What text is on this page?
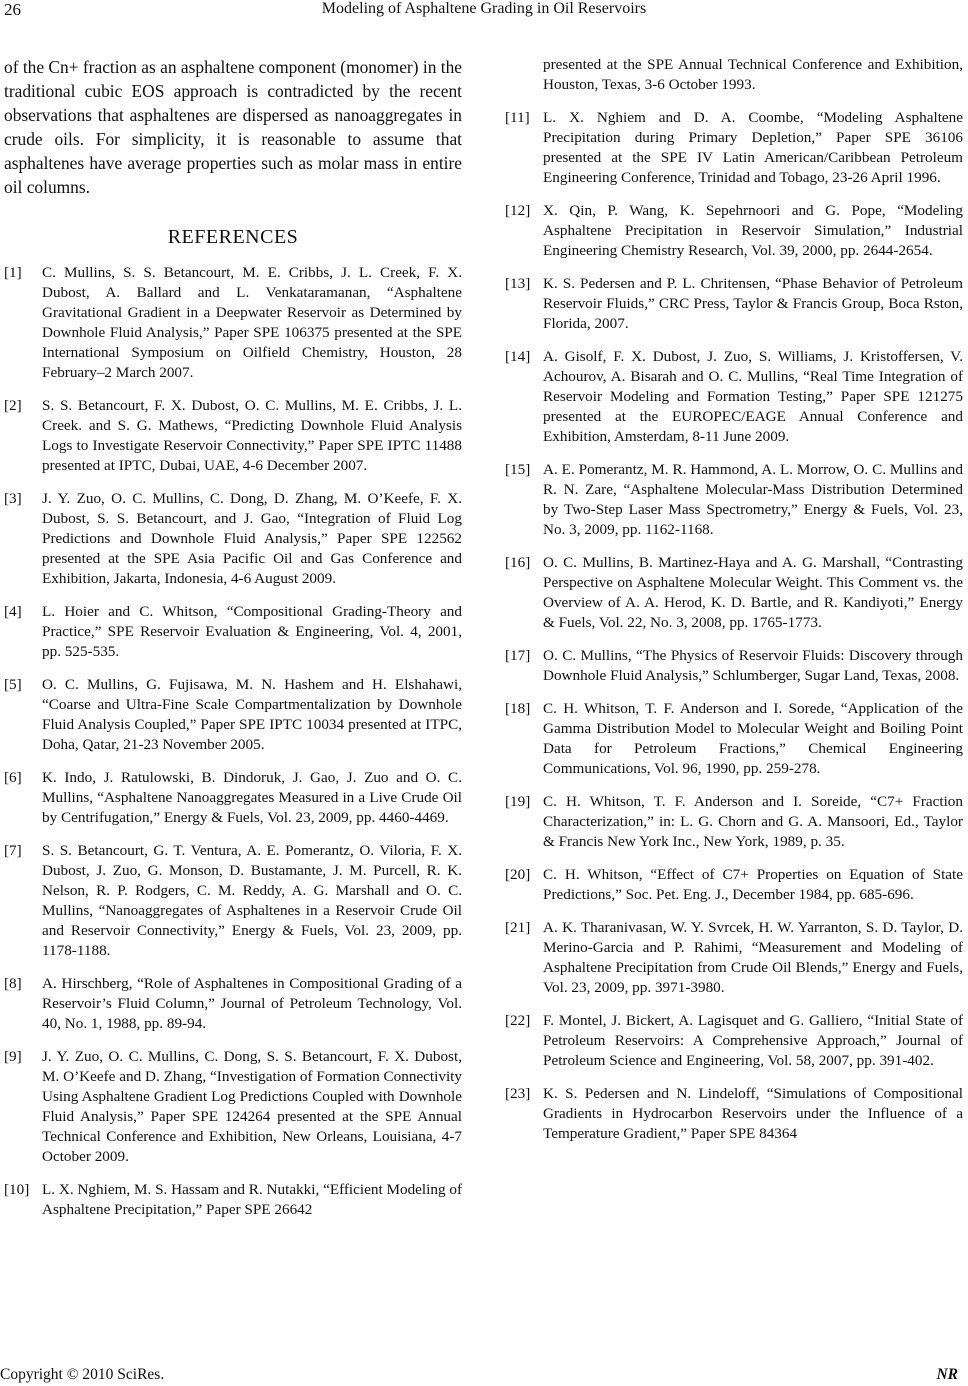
26	Modeling of Asphaltene Grading in Oil Reservoirs

of the Cn+ fraction as an asphaltene component (monomer) in the traditional cubic EOS approach is contradicted by the recent observations that asphaltenes are dispersed as nanoaggregates in crude oils. For simplicity, it is reasonable to assume that asphaltenes have average properties such as molar mass in entire oil columns.

REFERENCES
[1]	C. Mullins, S. S. Betancourt, M. E. Cribbs, J. L. Creek, F. X. Dubost, A. Ballard and L. Venkataramanan, “Asphaltene Gravitational Gradient in a Deepwater Reservoir as Determined by Downhole Fluid Analysis,” Paper SPE 106375 presented at the SPE International Symposium on Oilfield Chemistry, Houston, 28 February–2 March 2007.
[2]	S. S. Betancourt, F. X. Dubost, O. C. Mullins, M. E. Cribbs, J. L. Creek. and S. G. Mathews, “Predicting Downhole Fluid Analysis Logs to Investigate Reservoir Connectivity,” Paper SPE IPTC 11488 presented at IPTC, Dubai, UAE, 4-6 December 2007.
[3]	J. Y. Zuo, O. C. Mullins, C. Dong, D. Zhang, M. O’Keefe, F. X. Dubost, S. S. Betancourt, and J. Gao, “Integration of Fluid Log Predictions and Downhole Fluid Analysis,” Paper SPE 122562 presented at the SPE Asia Pacific Oil and Gas Conference and Exhibition, Jakarta, Indonesia, 4-6 August 2009.
[4]	L. Hoier and C. Whitson, “Compositional Grading-Theory and Practice,” SPE Reservoir Evaluation & Engineering, Vol. 4, 2001, pp. 525-535.
[5]	O. C. Mullins, G. Fujisawa, M. N. Hashem and H. Elshahawi, “Coarse and Ultra-Fine Scale Compartmentalization by Downhole Fluid Analysis Coupled,” Paper SPE IPTC 10034 presented at ITPC, Doha, Qatar, 21-23 November 2005.
[6]	K. Indo, J. Ratulowski, B. Dindoruk, J. Gao, J. Zuo and O. C. Mullins, “Asphaltene Nanoaggregates Measured in a Live Crude Oil by Centrifugation,” Energy & Fuels, Vol. 23, 2009, pp. 4460-4469.
[7]	S. S. Betancourt, G. T. Ventura, A. E. Pomerantz, O. Viloria, F. X. Dubost, J. Zuo, G. Monson, D. Bustamante, J. M. Purcell, R. K. Nelson, R. P. Rodgers, C. M. Reddy, A. G. Marshall and O. C. Mullins, “Nanoaggregates of Asphaltenes in a Reservoir Crude Oil and Reservoir Connectivity,” Energy & Fuels, Vol. 23, 2009, pp. 1178-1188.
[8]	A. Hirschberg, “Role of Asphaltenes in Compositional Grading of a Reservoir’s Fluid Column,” Journal of Petroleum Technology, Vol. 40, No. 1, 1988, pp. 89-94.
[9]	J. Y. Zuo, O. C. Mullins, C. Dong, S. S. Betancourt, F. X. Dubost, M. O’Keefe and D. Zhang, “Investigation of Formation Connectivity Using Asphaltene Gradient Log Predictions Coupled with Downhole Fluid Analysis,” Paper SPE 124264 presented at the SPE Annual Technical Conference and Exhibition, New Orleans, Louisiana, 4-7 October 2009.
[10] L. X. Nghiem, M. S. Hassam and R. Nutakki, “Efficient Modeling of Asphaltene Precipitation,” Paper SPE 26642
presented at the SPE Annual Technical Conference and Exhibition, Houston, Texas, 3-6 October 1993.
[11] L. X. Nghiem and D. A. Coombe, “Modeling Asphaltene Precipitation during Primary Depletion,” Paper SPE 36106 presented at the SPE IV Latin American/Caribbean Petroleum Engineering Conference, Trinidad and Tobago, 23-26 April 1996.
[12] X. Qin, P. Wang, K. Sepehrnoori and G. Pope, “Modeling Asphaltene Precipitation in Reservoir Simulation,” Industrial Engineering Chemistry Research, Vol. 39, 2000, pp. 2644-2654.
[13] K. S. Pedersen and P. L. Chritensen, “Phase Behavior of Petroleum Reservoir Fluids,” CRC Press, Taylor & Francis Group, Boca Rston, Florida, 2007.
[14] A. Gisolf, F. X. Dubost, J. Zuo, S. Williams, J. Kristoffersen, V. Achourov, A. Bisarah and O. C. Mullins, “Real Time Integration of Reservoir Modeling and Formation Testing,” Paper SPE 121275 presented at the EUROPEC/EAGE Annual Conference and Exhibition, Amsterdam, 8-11 June 2009.
[15] A. E. Pomerantz, M. R. Hammond, A. L. Morrow, O. C. Mullins and R. N. Zare, “Asphaltene Molecular-Mass Distribution Determined by Two-Step Laser Mass Spectrometry,” Energy & Fuels, Vol. 23, No. 3, 2009, pp. 1162-1168.
[16] O. C. Mullins, B. Martinez-Haya and A. G. Marshall, “Contrasting Perspective on Asphaltene Molecular Weight. This Comment vs. the Overview of A. A. Herod, K. D. Bartle, and R. Kandiyoti,” Energy & Fuels, Vol. 22, No. 3, 2008, pp. 1765-1773.
[17] O. C. Mullins, “The Physics of Reservoir Fluids: Discovery through Downhole Fluid Analysis,” Schlumberger, Sugar Land, Texas, 2008.
[18] C. H. Whitson, T. F. Anderson and I. Sorede, “Application of the Gamma Distribution Model to Molecular Weight and Boiling Point Data for Petroleum Fractions,” Chemical Engineering Communications, Vol. 96, 1990, pp. 259-278.
[19] C. H. Whitson, T. F. Anderson and I. Soreide, “C7+ Fraction Characterization,” in: L. G. Chorn and G. A. Mansoori, Ed., Taylor & Francis New York Inc., New York, 1989, p. 35.
[20] C. H. Whitson, “Effect of C7+ Properties on Equation of State Predictions,” Soc. Pet. Eng. J., December 1984, pp. 685-696.
[21] A. K. Tharanivasan, W. Y. Svrcek, H. W. Yarranton, S. D. Taylor, D. Merino-Garcia and P. Rahimi, “Measurement and Modeling of Asphaltene Precipitation from Crude Oil Blends,” Energy and Fuels, Vol. 23, 2009, pp. 3971-3980.
[22] F. Montel, J. Bickert, A. Lagisquet and G. Galliero, “Initial State of Petroleum Reservoirs: A Comprehensive Approach,” Journal of Petroleum Science and Engineering, Vol. 58, 2007, pp. 391-402.
[23] K. S. Pedersen and N. Lindeloff, “Simulations of Compositional Gradients in Hydrocarbon Reservoirs under the Influence of a Temperature Gradient,” Paper SPE 84364
Copyright © 2010 SciRes.	NR
